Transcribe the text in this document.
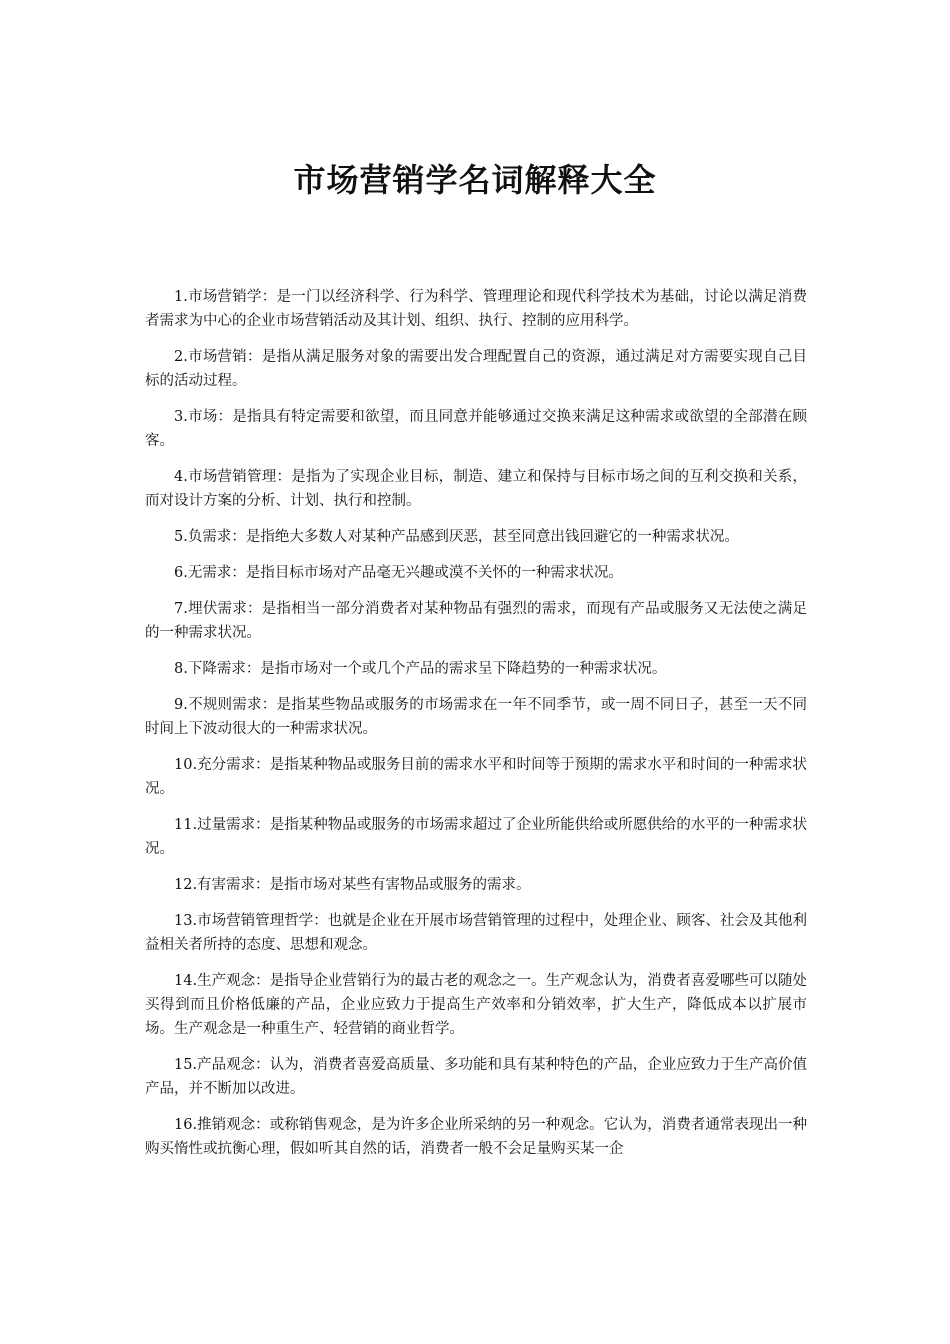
市场营销学名词解释大全

1.市场营销学：是一门以经济科学、行为科学、管理理论和现代科学技术为基础，讨论以满足消费者需求为中心的企业市场营销活动及其计划、组织、执行、控制的应用科学。

2.市场营销：是指从满足服务对象的需要出发合理配置自己的资源，通过满足对方需要实现自己目标的活动过程。

3.市场：是指具有特定需要和欲望，而且同意并能够通过交换来满足这种需求或欲望的全部潜在顾客。

4.市场营销管理：是指为了实现企业目标，制造、建立和保持与目标市场之间的互利交换和关系，而对设计方案的分析、计划、执行和控制。

5.负需求：是指绝大多数人对某种产品感到厌恶，甚至同意出钱回避它的一种需求状况。

6.无需求：是指目标市场对产品毫无兴趣或漠不关怀的一种需求状况。

7.埋伏需求：是指相当一部分消费者对某种物品有强烈的需求，而现有产品或服务又无法使之满足的一种需求状况。

8.下降需求：是指市场对一个或几个产品的需求呈下降趋势的一种需求状况。

9.不规则需求：是指某些物品或服务的市场需求在一年不同季节，或一周不同日子，甚至一天不同时间上下波动很大的一种需求状况。

10.充分需求：是指某种物品或服务目前的需求水平和时间等于预期的需求水平和时间的一种需求状况。

11.过量需求：是指某种物品或服务的市场需求超过了企业所能供给或所愿供给的水平的一种需求状况。

12.有害需求：是指市场对某些有害物品或服务的需求。

13.市场营销管理哲学：也就是企业在开展市场营销管理的过程中，处理企业、顾客、社会及其他利益相关者所持的态度、思想和观念。

14.生产观念：是指导企业营销行为的最古老的观念之一。生产观念认为，消费者喜爱哪些可以随处买得到而且价格低廉的产品，企业应致力于提高生产效率和分销效率，扩大生产，降低成本以扩展市场。生产观念是一种重生产、轻营销的商业哲学。

15.产品观念：认为，消费者喜爱高质量、多功能和具有某种特色的产品，企业应致力于生产高价值产品，并不断加以改进。

16.推销观念：或称销售观念，是为许多企业所采纳的另一种观念。它认为，消费者通常表现出一种购买惰性或抗衡心理，假如听其自然的话，消费者一般不会足量购买某一企
